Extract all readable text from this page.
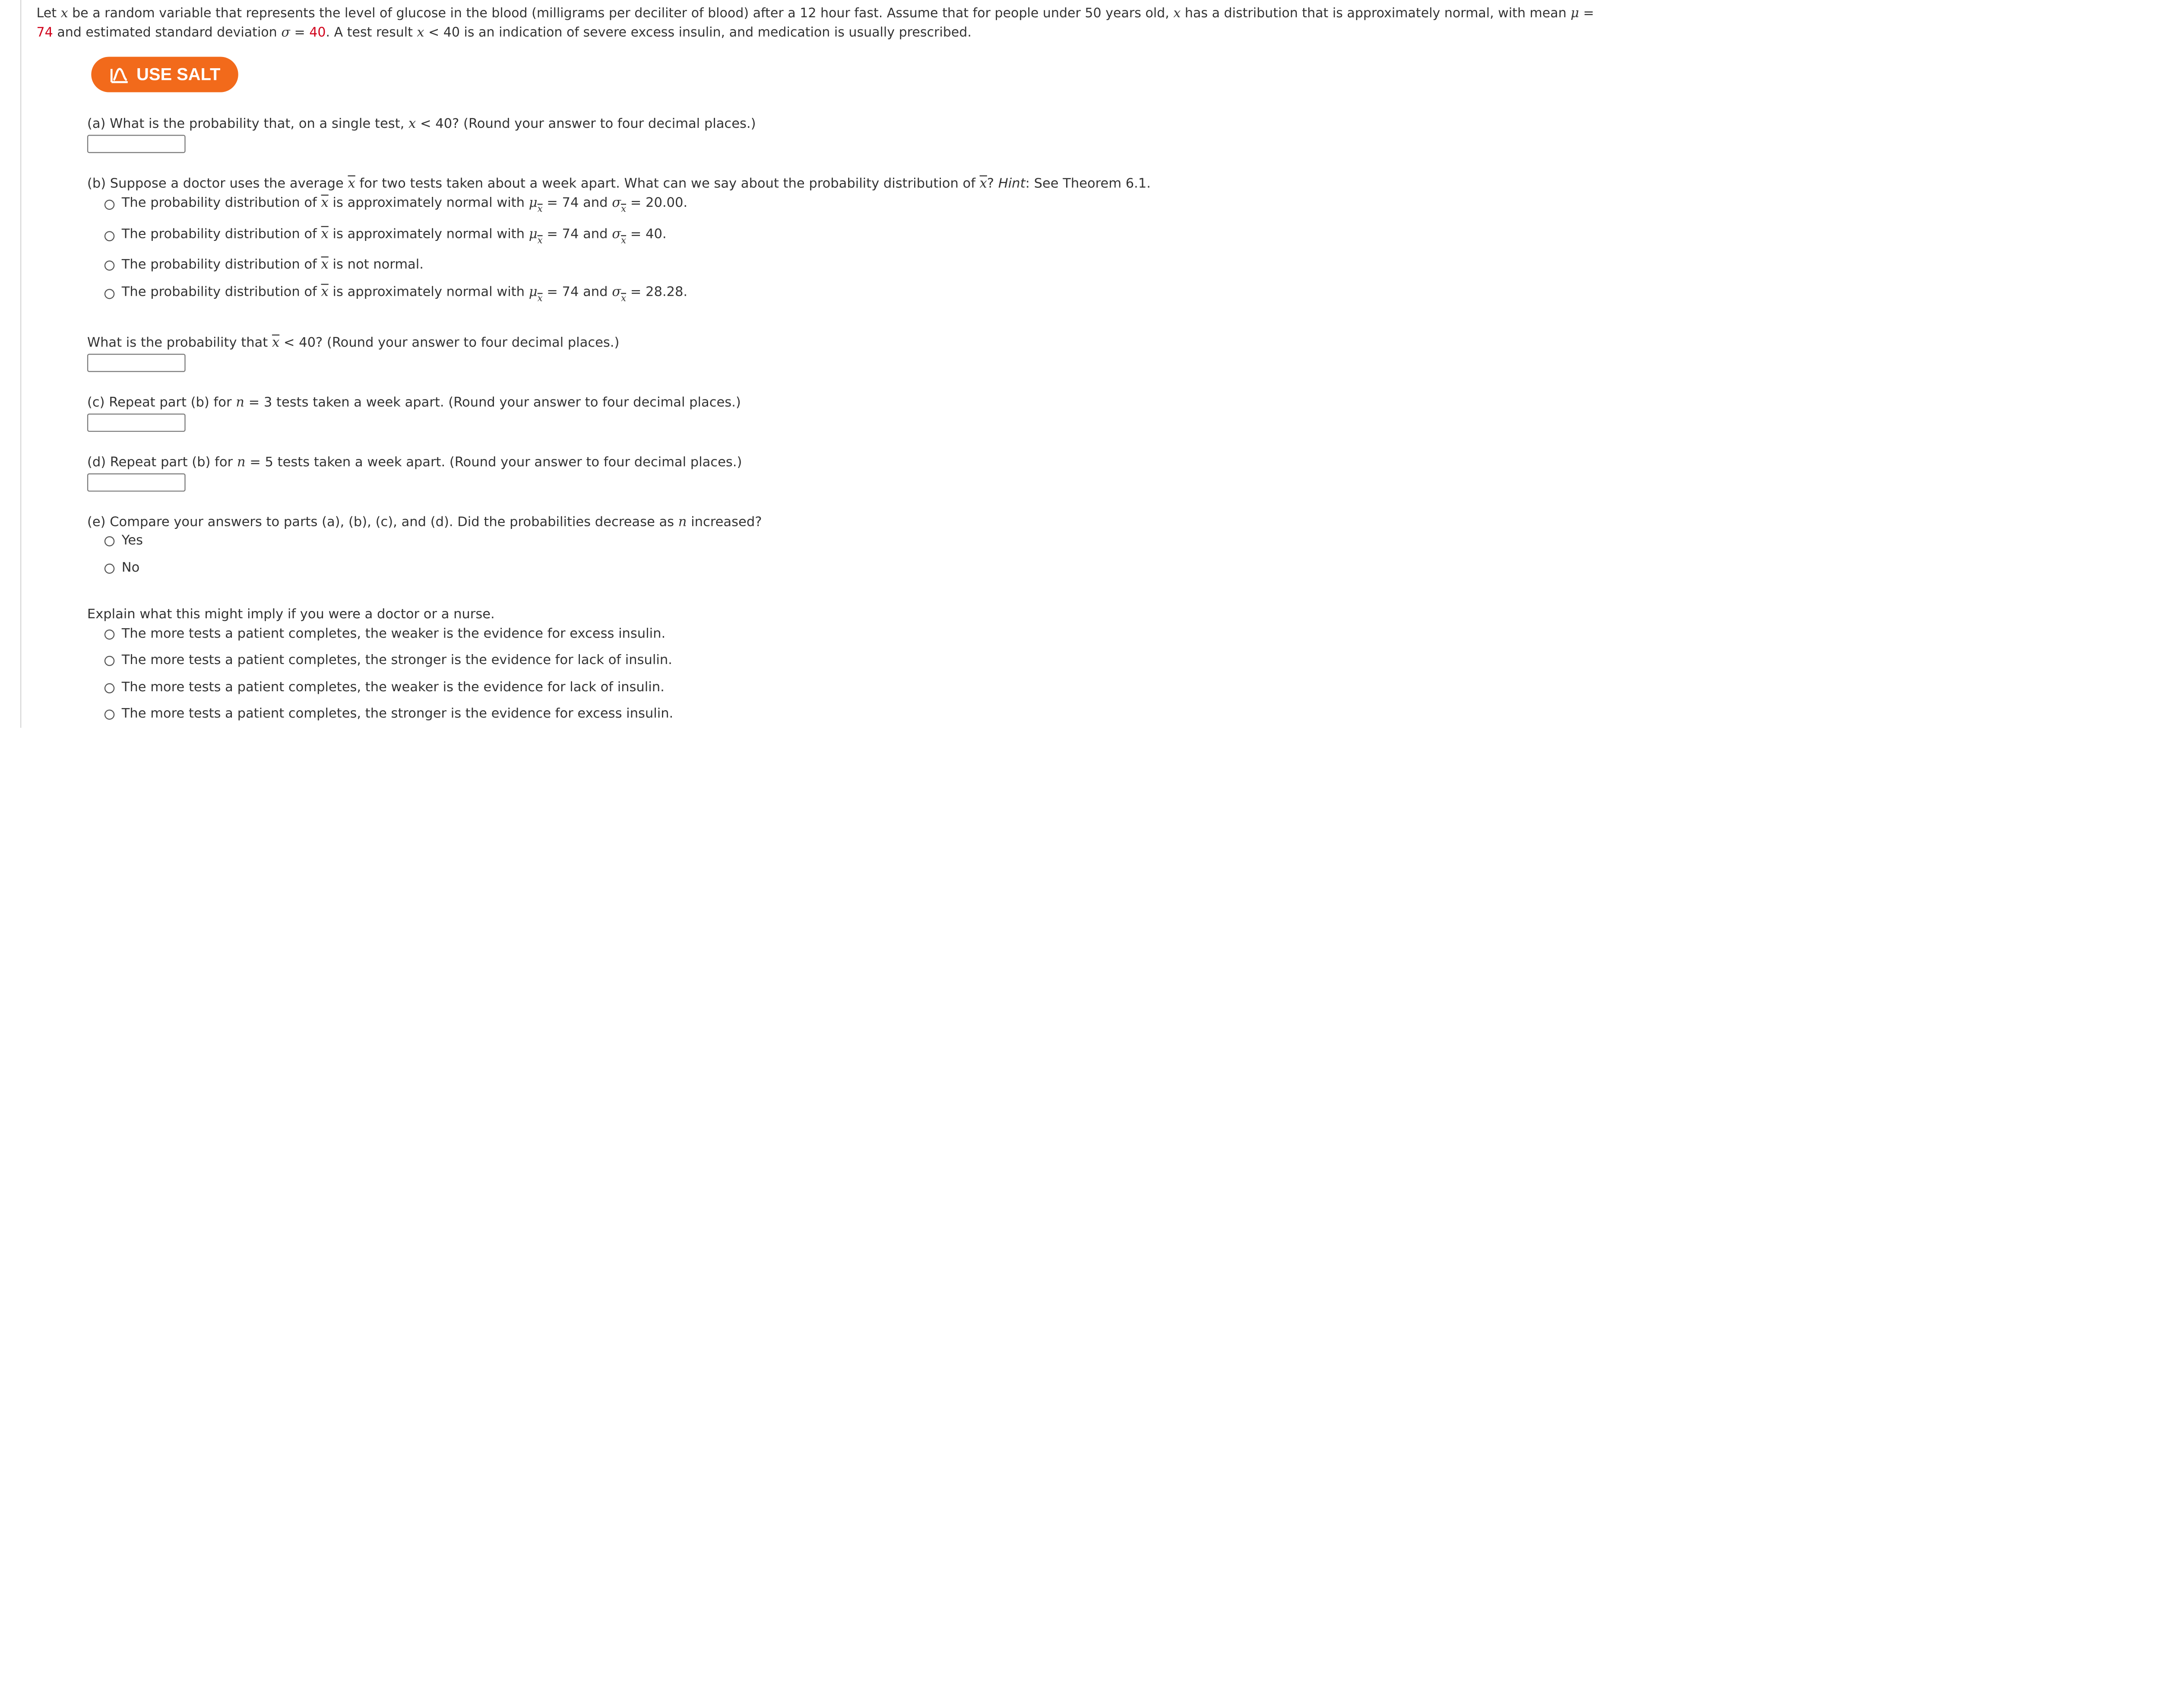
Let x be a random variable that represents the level of glucose in the blood (milligrams per deciliter of blood) after a 12 hour fast. Assume that for people under 50 years old, x has a distribution that is approximately normal, with mean μ =
74 and estimated standard deviation σ = 40. A test result x < 40 is an indication of severe excess insulin, and medication is usually prescribed.
USE SALT
(a) What is the probability that, on a single test, x < 40? (Round your answer to four decimal places.)
(b) Suppose a doctor uses the average $\overline{x}$ for two tests taken about a week apart. What can we say about the probability distribution of $\overline{x}$? Hint: See Theorem 6.1.
The probability distribution of $\overline{x}$ is approximately normal with $\mu_{\overline{x}} = 74$ and $\sigma_{\overline{x}} = 20.00$.
The probability distribution of $\overline{x}$ is approximately normal with $\mu_{\overline{x}} = 74$ and $\sigma_{\overline{x}} = 40$.
The probability distribution of $\overline{x}$ is not normal.
The probability distribution of $\overline{x}$ is approximately normal with $\mu_{\overline{x}} = 74$ and $\sigma_{\overline{x}} = 28.28$.
What is the probability that $\overline{x} < 40$? (Round your answer to four decimal places.)
(c) Repeat part (b) for n = 3 tests taken a week apart. (Round your answer to four decimal places.)
(d) Repeat part (b) for n = 5 tests taken a week apart. (Round your answer to four decimal places.)
(e) Compare your answers to parts (a), (b), (c), and (d). Did the probabilities decrease as n increased?
Yes
No
Explain what this might imply if you were a doctor or a nurse.
The more tests a patient completes, the weaker is the evidence for excess insulin.
The more tests a patient completes, the stronger is the evidence for lack of insulin.
The more tests a patient completes, the weaker is the evidence for lack of insulin.
The more tests a patient completes, the stronger is the evidence for excess insulin.
